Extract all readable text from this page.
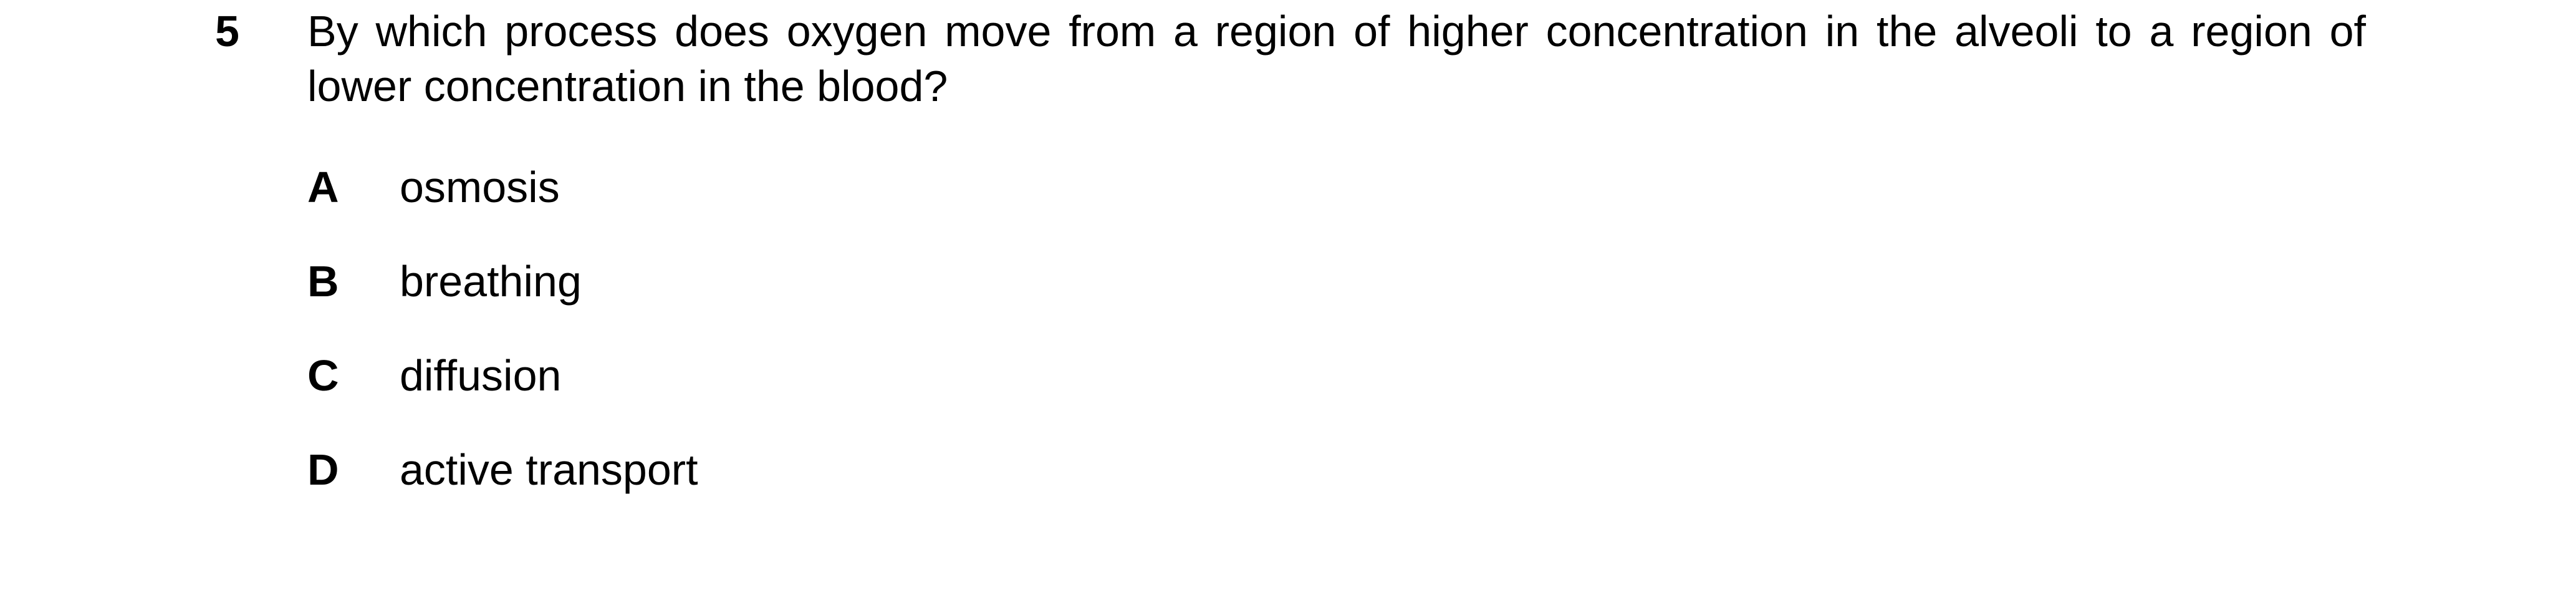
5 By which process does oxygen move from a region of higher concentration in the alveoli to a region of lower concentration in the blood?
A osmosis
B breathing
C diffusion
D active transport
